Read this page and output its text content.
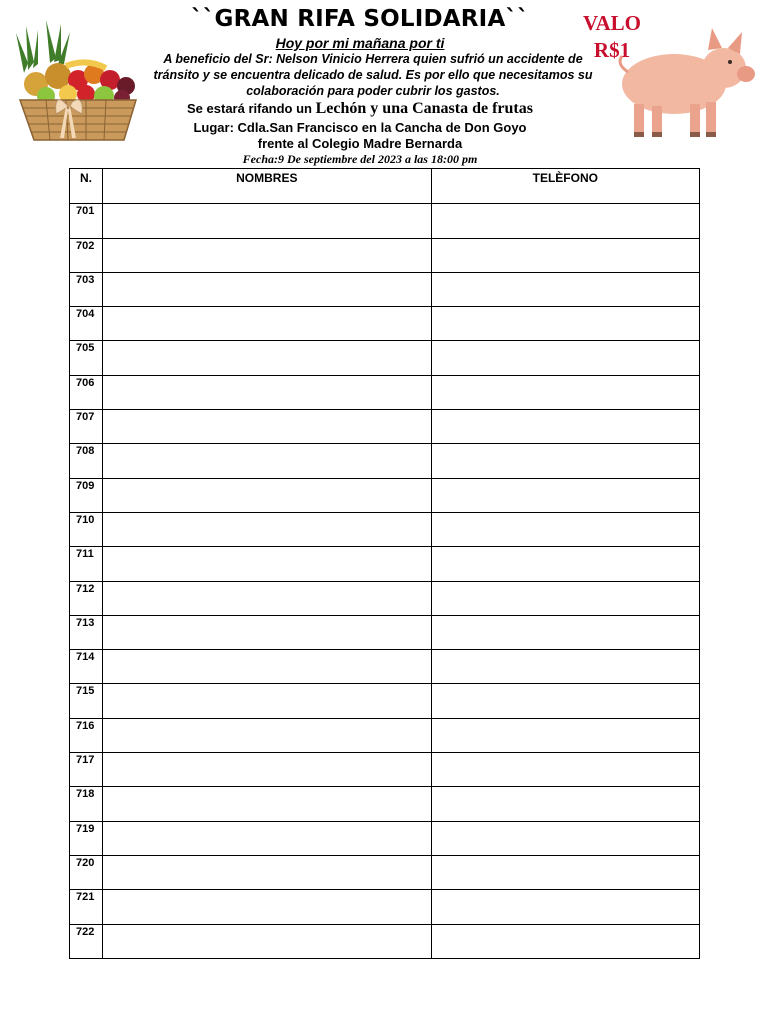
``GRAN RIFA SOLIDARIA``
Hoy por mi mañana por ti
A beneficio del Sr: Nelson Vinicio Herrera quien sufrió un accidente de tránsito y se encuentra delicado de salud. Es por ello que necesitamos su colaboración para poder cubrir los gastos.
Se estará rifando un Lechón y una Canasta de frutas
Lugar: Cdla.San Francisco en la Cancha de Don Goyo
frente al Colegio Madre Bernarda
Fecha:9 De septiembre del 2023 a las 18:00 pm
VALO
R$1
N.	NOMBRES	TELÈFONO
701		
702		
703		
704		
705		
706		
707		
708		
709		
710		
711		
712		
713		
714		
715		
716		
717		
718		
719		
720		
721		
722		
